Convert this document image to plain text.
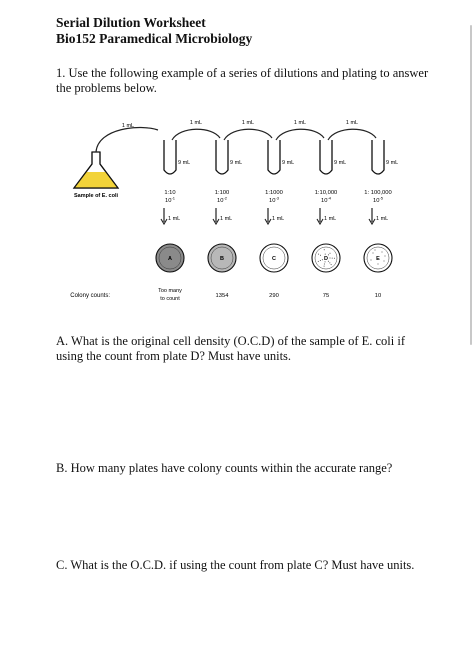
Serial Dilution Worksheet
Bio152 Paramedical Microbiology
1. Use the following example of a series of dilutions and plating to answer the problems below.
Sample of E. coli
1 mL
9 mL
1 mL
1:10
$10^{-1}$
1 mL
A
Too many
to count
9 mL
1 mL
1:100
$10^{-2}$
1 mL
B
1354
9 mL
1 mL
1:1000
$10^{-3}$
1 mL
C
290
9 mL
1 mL
1:10,000
$10^{-4}$
1 mL
D
75
9 mL
1: 100,000
$10^{-5}$
1 mL
E
10
Colony counts:
A. What is the original cell density (O.C.D) of the sample of E. coli if using the count from plate D? Must have units.
B. How many plates have colony counts within the accurate range?
C. What is the O.C.D. if using the count from plate C? Must have units.
